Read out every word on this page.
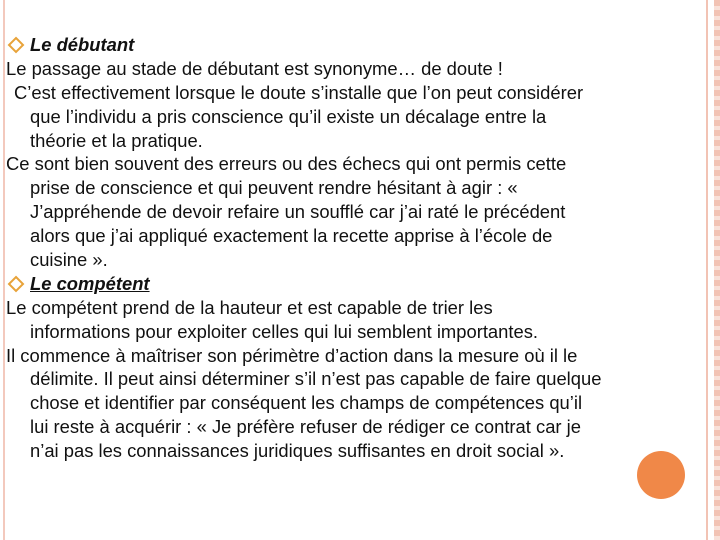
Le débutant
Le passage au stade de débutant est synonyme… de doute !
C’est effectivement lorsque le doute s’installe que l’on peut considérer
que l’individu a pris conscience qu’il existe un décalage entre la
théorie et la pratique.
Ce sont bien souvent des erreurs ou des échecs qui ont permis cette
prise de conscience et qui peuvent rendre hésitant à agir : «
J’appréhende de devoir refaire un soufflé car j’ai raté le précédent
alors que j’ai appliqué exactement la recette apprise à l’école de
cuisine ».
Le compétent
Le compétent prend de la hauteur et est capable de trier les
informations pour exploiter celles qui lui semblent importantes.
Il commence à maîtriser son périmètre d’action dans la mesure où il le
délimite. Il peut ainsi déterminer s’il n’est pas capable de faire quelque
chose et identifier par conséquent les champs de compétences qu’il
lui reste à acquérir : « Je préfère refuser de rédiger ce contrat car je
n’ai pas les connaissances juridiques suffisantes en droit social ».
